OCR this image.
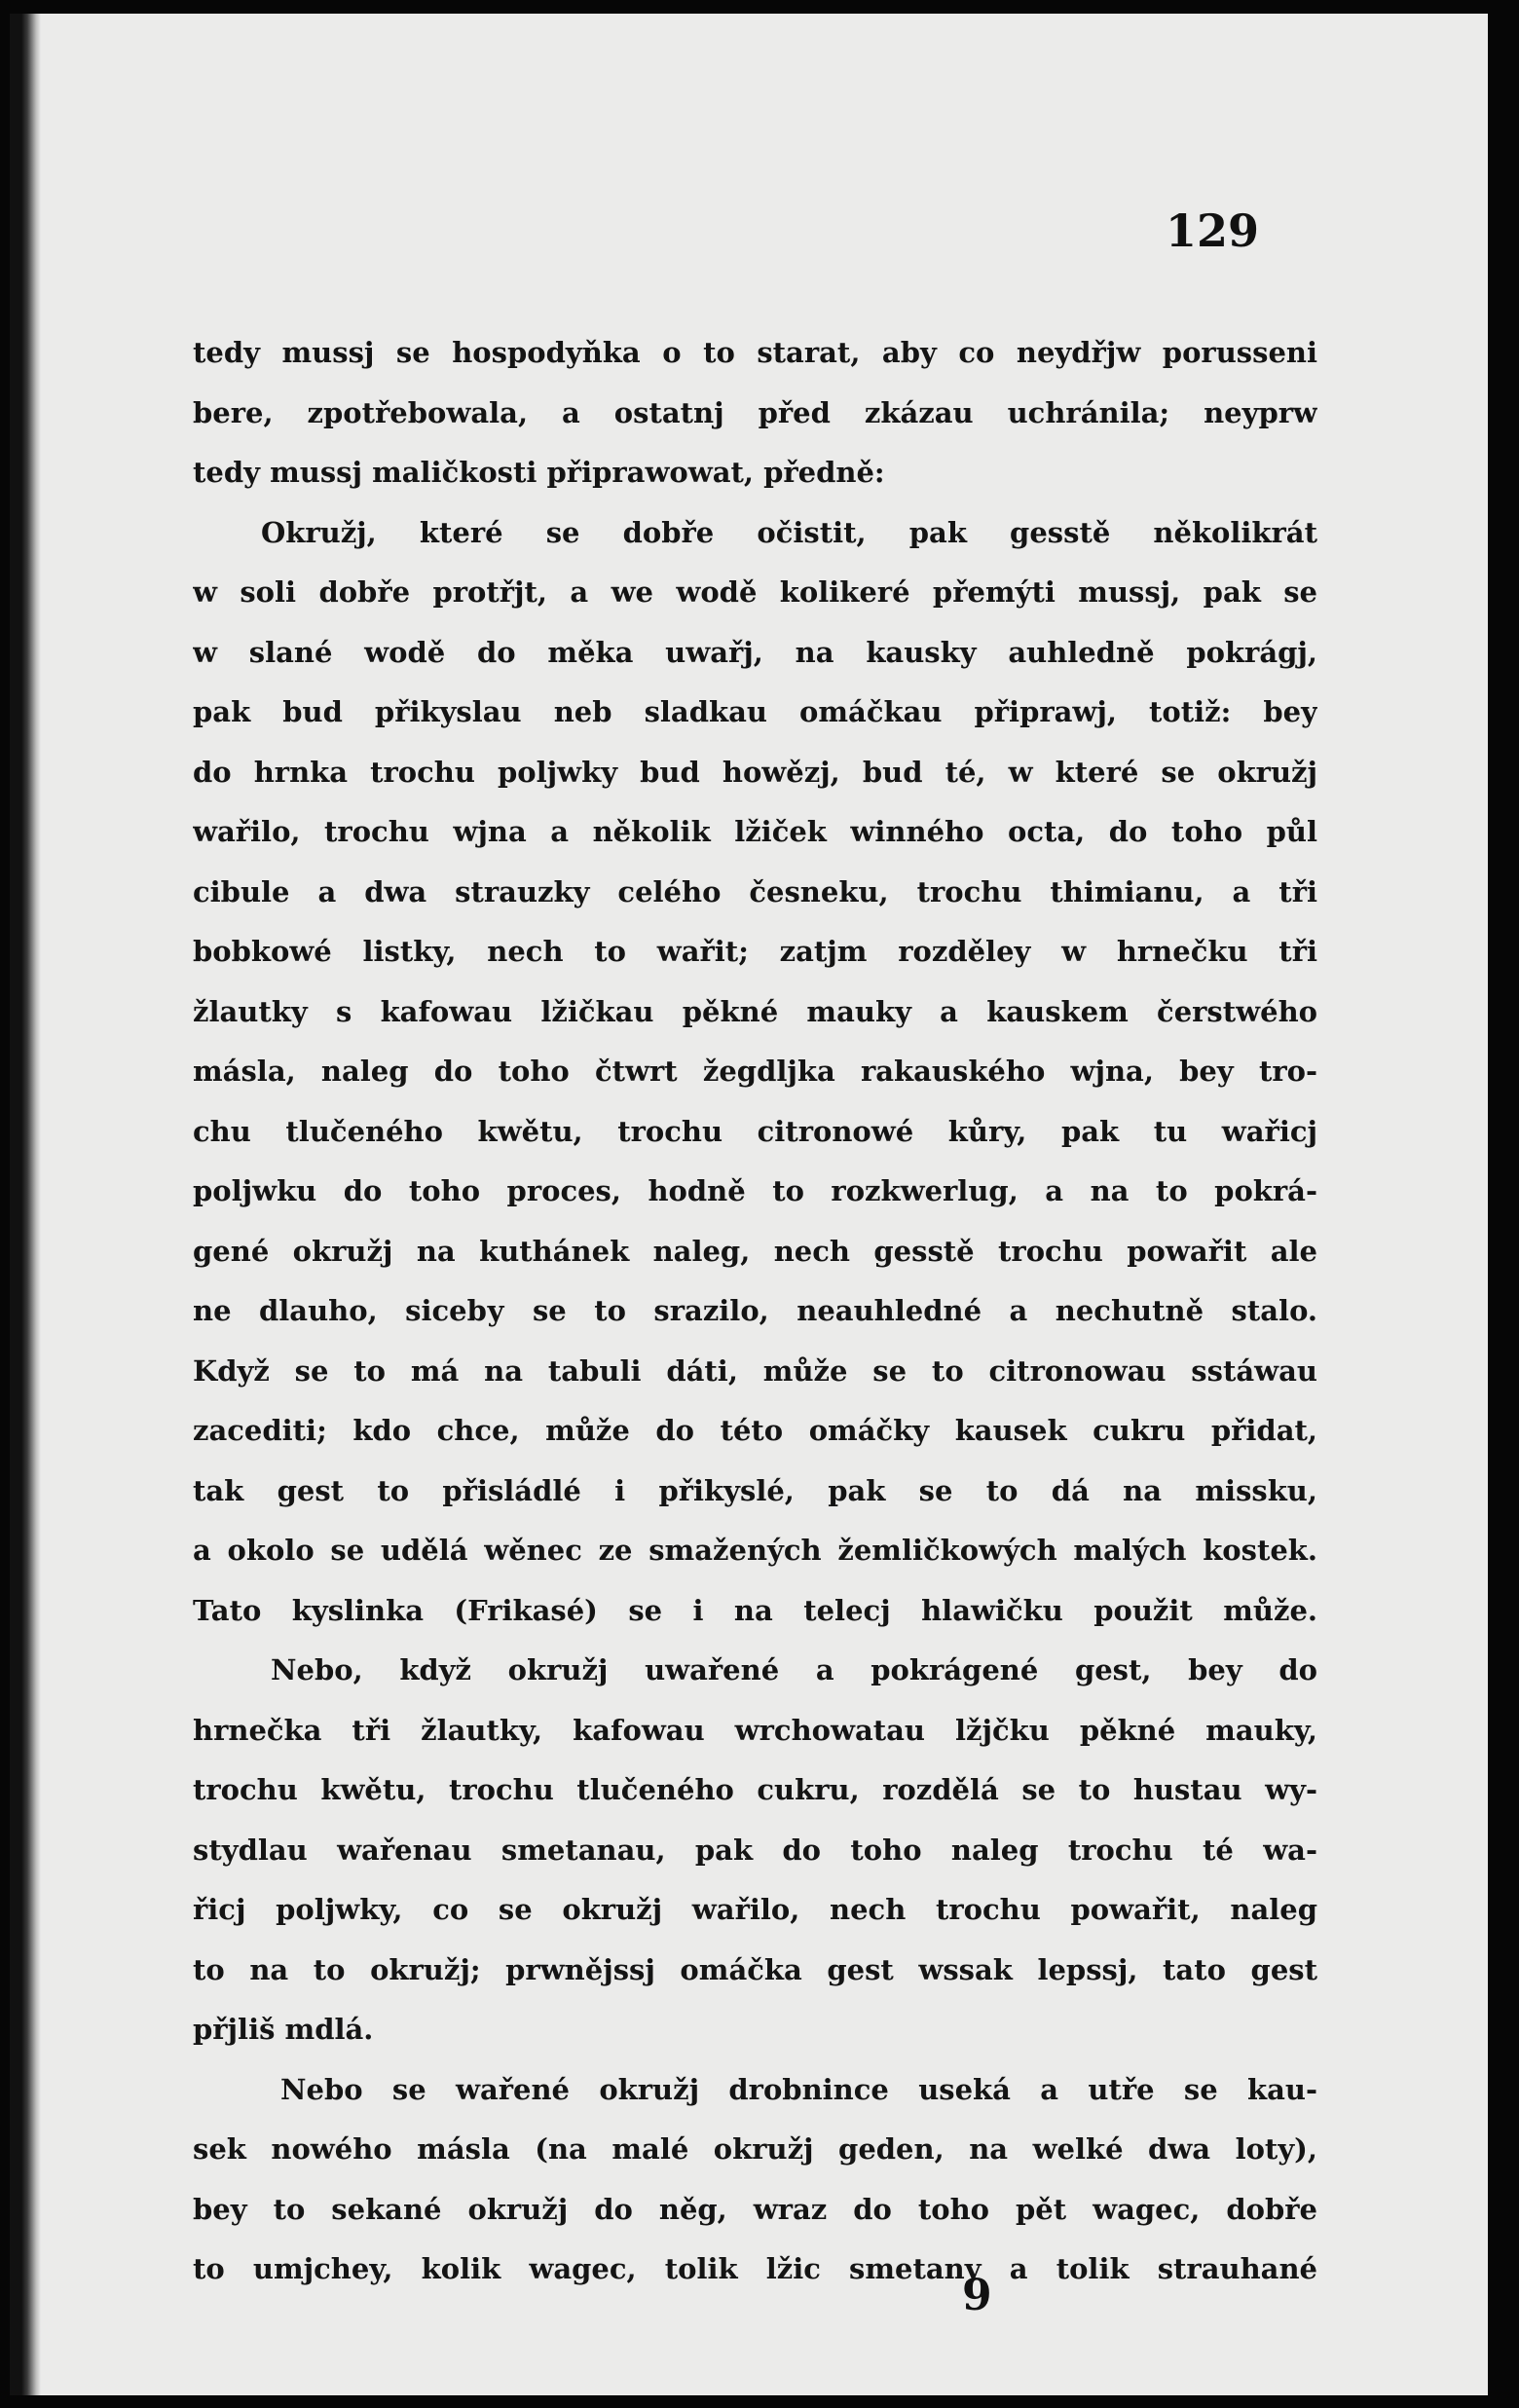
129

tedy mussj se hospodyňka o to starat, aby co neydřjw porusseni
bere, zpotřebowala, a ostatnj před zkázau uchránila; neyprw
tedy mussj maličkosti připrawowat, předně:
Okružj, které se dobře očistit, pak gesstě několikrát
w soli dobře protřjt, a we wodě kolikeré přemýti mussj, pak se
w slané wodě do měka uwařj, na kausky auhledně pokrágj,
pak bud přikyslau neb sladkau omáčkau připrawj, totiž: bey
do hrnka trochu poljwky bud howězj, bud té, w které se okružj
wařilo, trochu wjna a několik lžiček winného octa, do toho půl
cibule a dwa strauzky celého česneku, trochu thimianu, a tři
bobkowé listky, nech to wařit; zatjm rozděley w hrnečku tři
žlautky s kafowau lžičkau pěkné mauky a kauskem čerstwého
másla, naleg do toho čtwrt žegdljka rakauského wjna, bey tro-
chu tlučeného kwětu, trochu citronowé kůry, pak tu wařicj
poljwku do toho proces, hodně to rozkwerlug, a na to pokrá-
gené okružj na kuthánek naleg, nech gesstě trochu powařit ale
ne dlauho, sicebу se to srazilo, neauhledné a nechutně stalo.
Když se to má na tabuli dáti, může se to citronowau sstáwau
zacediti; kdo chce, může do této omáčky kausek cukru přidat,
tak gest to přisládlé i přikyslé, pak se to dá na missku,
a okolo se udělá wěnec ze smažených žemličkowých malých kostek.
Tato kyslinka (Frikasé) se i na telecj hlawičku použit může.
Nebo, když okružj uwařené a pokrágené gest, bey do
hrnečka tři žlautky, kafowau wrchowatau lžjčku pěkné mauky,
trochu kwětu, trochu tlučeného cukru, rozdělá se to hustau wy-
stydlau wařenau smetanau, pak do toho naleg trochu té wa-
řicj poljwky, co se okružj wařilo, nech trochu powařit, naleg
to na to okružj; prwnějssj omáčka gest wssak lepssj, tato gest
přjliš mdlá.
Nebo se wařené okružj drobnince useká a utře se kau-
sek nowého másla (na malé okružj geden, na welké dwa loty),
bey to sekané okružj do něg, wraz do toho pět wagec, dobře
to umjchey, kolik wagec, tolik lžic smetany a tolik strauhané

9
